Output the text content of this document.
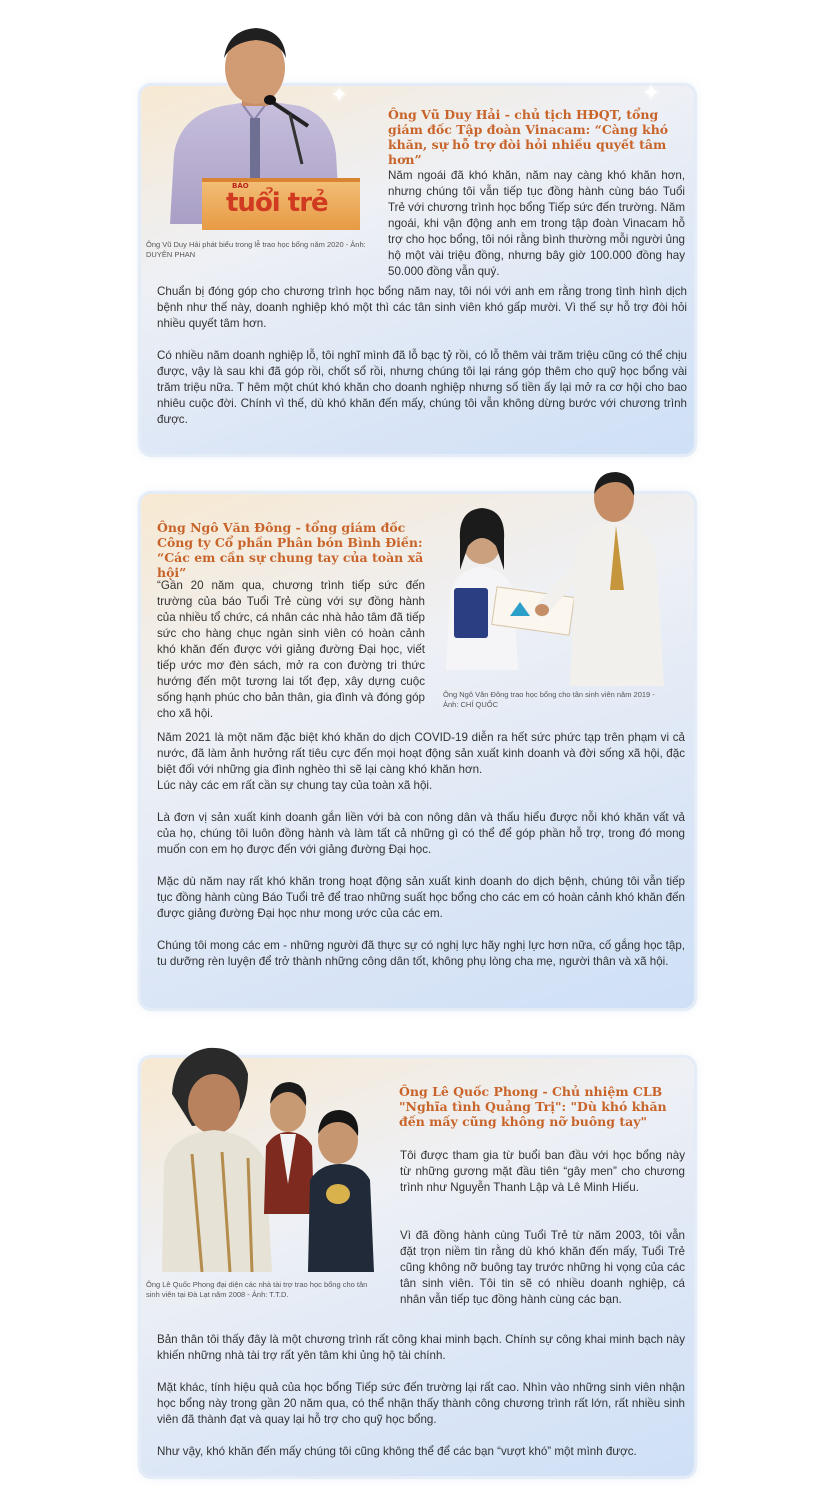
✦	✦
BÁO
tuổi trẻ

Ông Vũ Duy Hải phát biểu trong lễ trao học bổng năm 2020 - Ảnh: DUYÊN PHAN

Ông Vũ Duy Hải - chủ tịch HĐQT, tổng giám đốc Tập đoàn Vinacam: “Càng khó khăn, sự hỗ trợ đòi hỏi nhiều quyết tâm hơn”

Năm ngoái đã khó khăn, năm nay càng khó khăn hơn, nhưng chúng tôi vẫn tiếp tục đồng hành cùng báo Tuổi Trẻ với chương trình học bổng Tiếp sức đến trường. Năm ngoái, khi vận động anh em trong tập đoàn Vinacam hỗ trợ cho học bổng, tôi nói rằng bình thường mỗi người ủng hộ một vài triệu đồng, nhưng bây giờ 100.000 đồng hay 50.000 đồng vẫn quý.

Chuẩn bị đóng góp cho chương trình học bổng năm nay, tôi nói với anh em rằng trong tình hình dịch bệnh như thế này, doanh nghiệp khó một thì các tân sinh viên khó gấp mười. Vì thế sự hỗ trợ đòi hỏi nhiều quyết tâm hơn.

Có nhiều năm doanh nghiệp lỗ, tôi nghĩ mình đã lỗ bạc tỷ rồi, có lỗ thêm vài trăm triệu cũng có thể chịu được, vậy là sau khi đã góp rồi, chốt sổ rồi, nhưng chúng tôi lại ráng góp thêm cho quỹ học bổng vài trăm triệu nữa. T hêm một chút khó khăn cho doanh nghiệp nhưng số tiền ấy lại mở ra cơ hội cho bao nhiêu cuộc đời. Chính vì thế, dù khó khăn đến mấy, chúng tôi vẫn không dừng bước với chương trình được.

Ông Ngô Văn Đông trao học bổng cho tân sinh viên năm 2019 - Ảnh: CHÍ QUỐC

Ông Ngô Văn Đông - tổng giám đốc Công ty Cổ phần Phân bón Bình Điền: “Các em cần sự chung tay của toàn xã hội”

“Gần 20 năm qua, chương trình tiếp sức đến trường của báo Tuổi Trẻ cùng với sự đồng hành của nhiều tổ chức, cá nhân các nhà hảo tâm đã tiếp sức cho hàng chục ngàn sinh viên có hoàn cảnh khó khăn đến được với giảng đường Đại học, viết tiếp ước mơ đèn sách, mở ra con đường tri thức hướng đến một tương lai tốt đẹp, xây dựng cuộc sống hạnh phúc cho bản thân, gia đình và đóng góp cho xã hội.

Năm 2021 là một năm đặc biệt khó khăn do dịch COVID-19 diễn ra hết sức phức tạp trên phạm vi cả nước, đã làm ảnh hưởng rất tiêu cực đến mọi hoạt động sản xuất kinh doanh và đời sống xã hội, đặc biệt đối với những gia đình nghèo thì sẽ lại càng khó khăn hơn.

Lúc này các em rất cần sự chung tay của toàn xã hội.

Là đơn vị sản xuất kinh doanh gắn liền với bà con nông dân và thấu hiểu được nỗi khó khăn vất vả của họ, chúng tôi luôn đồng hành và làm tất cả những gì có thể để góp phần hỗ trợ, trong đó mong muốn con em họ được đến với giảng đường Đại học.

Mặc dù năm nay rất khó khăn trong hoạt động sản xuất kinh doanh do dịch bệnh, chúng tôi vẫn tiếp tục đồng hành cùng Báo Tuổi trẻ để trao những suất học bổng cho các em có hoàn cảnh khó khăn đến được giảng đường Đại học như mong ước của các em.

Chúng tôi mong các em - những người đã thực sự có nghị lực hãy nghị lực hơn nữa, cố gắng học tập, tu dưỡng rèn luyện để trở thành những công dân tốt, không phụ lòng cha mẹ, người thân và xã hội.

Ông Lê Quốc Phong đại diện các nhà tài trợ trao học bổng cho tân sinh viên tại Đà Lạt năm 2008 - Ảnh: T.T.D.

Ông Lê Quốc Phong - Chủ nhiệm CLB "Nghĩa tình Quảng Trị": "Dù khó khăn đến mấy cũng không nỡ buông tay"

Tôi được tham gia từ buổi ban đầu với học bổng này từ những gương mặt đầu tiên “gây men” cho chương trình như Nguyễn Thanh Lập và Lê Minh Hiếu.

Vì đã đồng hành cùng Tuổi Trẻ từ năm 2003, tôi vẫn đặt trọn niềm tin rằng dù khó khăn đến mấy, Tuổi Trẻ cũng không nỡ buông tay trước những hi vọng của các tân sinh viên. Tôi tin sẽ có nhiều doanh nghiệp, cá nhân vẫn tiếp tục đồng hành cùng các bạn.

Bản thân tôi thấy đây là một chương trình rất công khai minh bạch. Chính sự công khai minh bạch này khiến những nhà tài trợ rất yên tâm khi ủng hộ tài chính.

Mặt khác, tính hiệu quả của học bổng Tiếp sức đến trường lại rất cao. Nhìn vào những sinh viên nhận học bổng này trong gần 20 năm qua, có thể nhận thấy thành công chương trình rất lớn, rất nhiều sinh viên đã thành đạt và quay lại hỗ trợ cho quỹ học bổng.

Như vậy, khó khăn đến mấy chúng tôi cũng không thể để các bạn “vượt khó” một mình được.
